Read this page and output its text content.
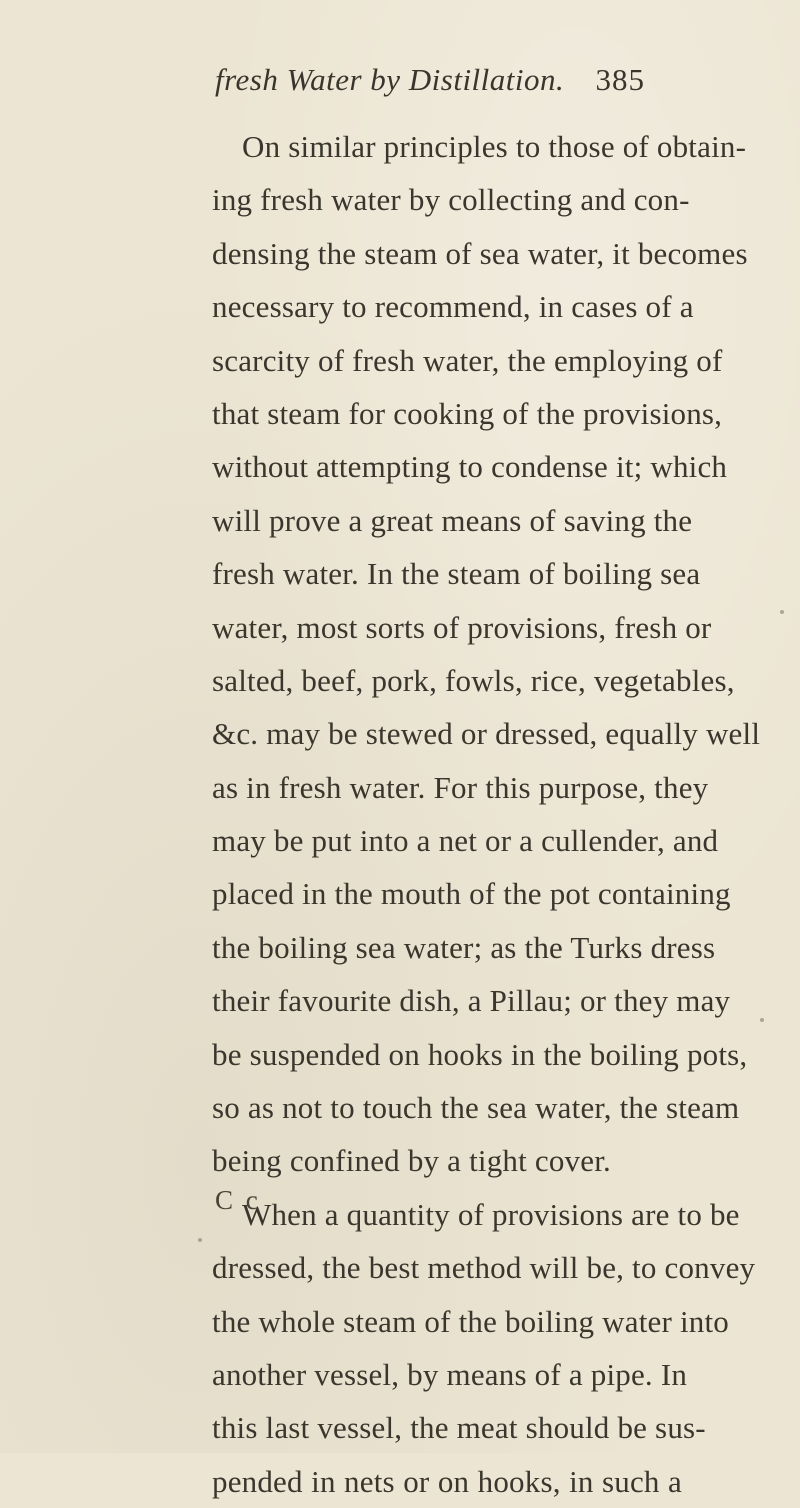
fresh Water by Distillation. 385
On similar principles to those of obtain-
ing fresh water by collecting and con-
densing the steam of sea water, it becomes
necessary to recommend, in cases of a
scarcity of fresh water, the employing of
that steam for cooking of the provisions,
without attempting to condense it; which
will prove a great means of saving the
fresh water. In the steam of boiling sea
water, most sorts of provisions, fresh or
salted, beef, pork, fowls, rice, vegetables,
&c. may be stewed or dressed, equally well
as in fresh water. For this purpose, they
may be put into a net or a cullender, and
placed in the mouth of the pot containing
the boiling sea water; as the Turks dress
their favourite dish, a Pillau; or they may
be suspended on hooks in the boiling pots,
so as not to touch the sea water, the steam
being confined by a tight cover.
When a quantity of provisions are to be
dressed, the best method will be, to convey
the whole steam of the boiling water into
another vessel, by means of a pipe. In
this last vessel, the meat should be sus-
pended in nets or on hooks, in such a
C c
